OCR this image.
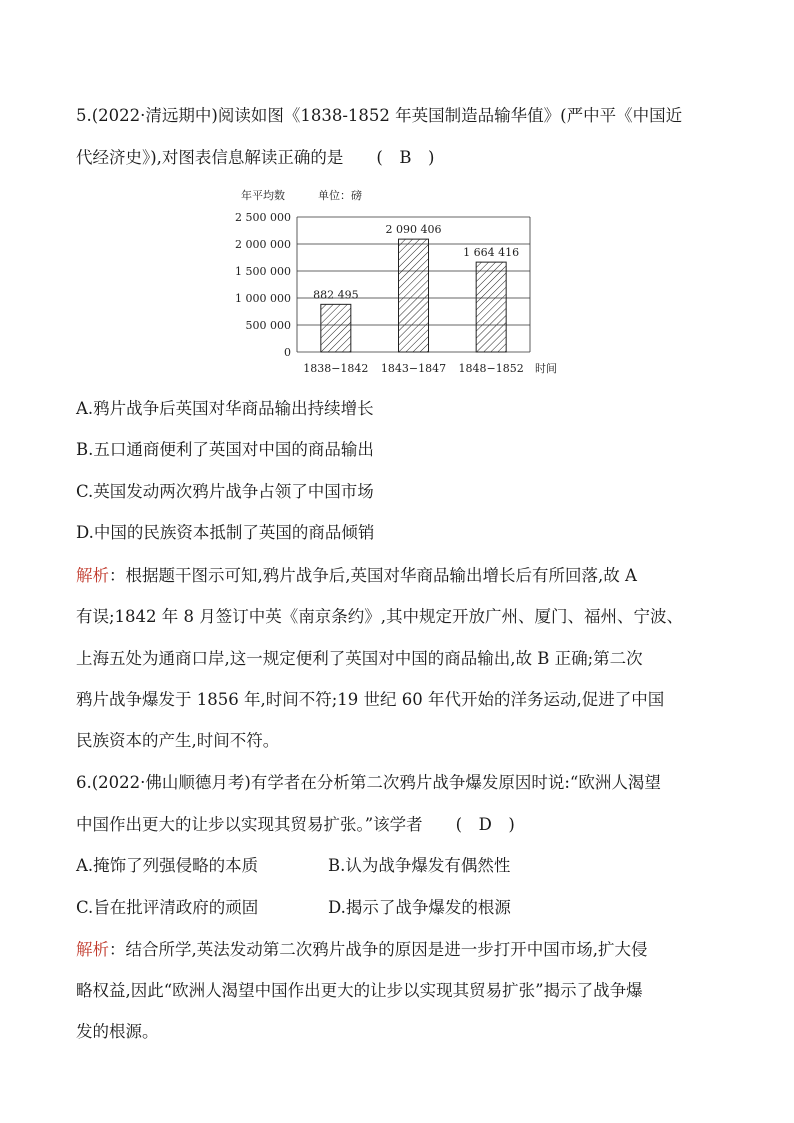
5.(2022·清远期中)阅读如图《1838-1852 年英国制造品输华值》(严中平《中国近
代经济史》),对图表信息解读正确的是　　(　B　)
年平均数	单位：磅
0
500 000
1 000 000
1 500 000
2 000 000
2 500 000
882 495
1838−1842
2 090 406
1843−1847
1 664 416
1848−1852 时间
A.鸦片战争后英国对华商品输出持续增长
B.五口通商便利了英国对中国的商品输出
C.英国发动两次鸦片战争占领了中国市场
D.中国的民族资本抵制了英国的商品倾销
解析：根据题干图示可知,鸦片战争后,英国对华商品输出增长后有所回落,故 A
有误;1842 年 8 月签订中英《南京条约》,其中规定开放广州、厦门、福州、宁波、
上海五处为通商口岸,这一规定便利了英国对中国的商品输出,故 B 正确;第二次
鸦片战争爆发于 1856 年,时间不符;19 世纪 60 年代开始的洋务运动,促进了中国
民族资本的产生,时间不符。
6.(2022·佛山顺德月考)有学者在分析第二次鸦片战争爆发原因时说:“欧洲人渴望
中国作出更大的让步以实现其贸易扩张。”该学者　　(　D　)
A.掩饰了列强侵略的本质	B.认为战争爆发有偶然性
C.旨在批评清政府的顽固	D.揭示了战争爆发的根源
解析：结合所学,英法发动第二次鸦片战争的原因是进一步打开中国市场,扩大侵
略权益,因此“欧洲人渴望中国作出更大的让步以实现其贸易扩张”揭示了战争爆
发的根源。
